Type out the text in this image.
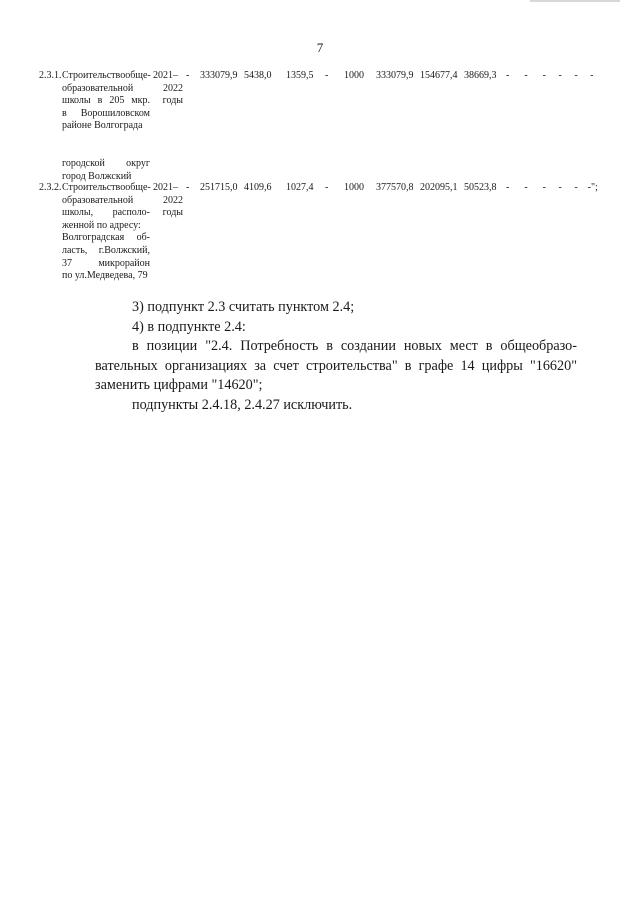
7
2.3.1. Строительство обще-
образовательной
школы в 205 мкр.
в Ворошиловском
районе Волгограда
городской округ
город Волжский
2021–
2022
годы
- 333079,9 5438,0 1359,5 - 1000 333079,9 154677,4 38669,3 -      -      -     -     -     -
2.3.2. Строительство обще-
образовательной
школы, располо-
женной по адресу:
Волгоградская об-
ласть, г.Волжский,
37	микрорайон
по ул.Медведева, 79
2021–
2022
годы
- 251715,0 4109,6 1027,4 - 1000 377570,8 202095,1 50523,8 -      -      -     -     -    -";

3) подпункт 2.3 считать пунктом 2.4;

4) в подпункте 2.4:

в позиции "2.4. Потребность в создании новых мест в общеобразо-

вательных организациях за счет строительства" в графе 14 цифры "16620"

заменить цифрами "14620";

подпункты 2.4.18, 2.4.27 исключить.
